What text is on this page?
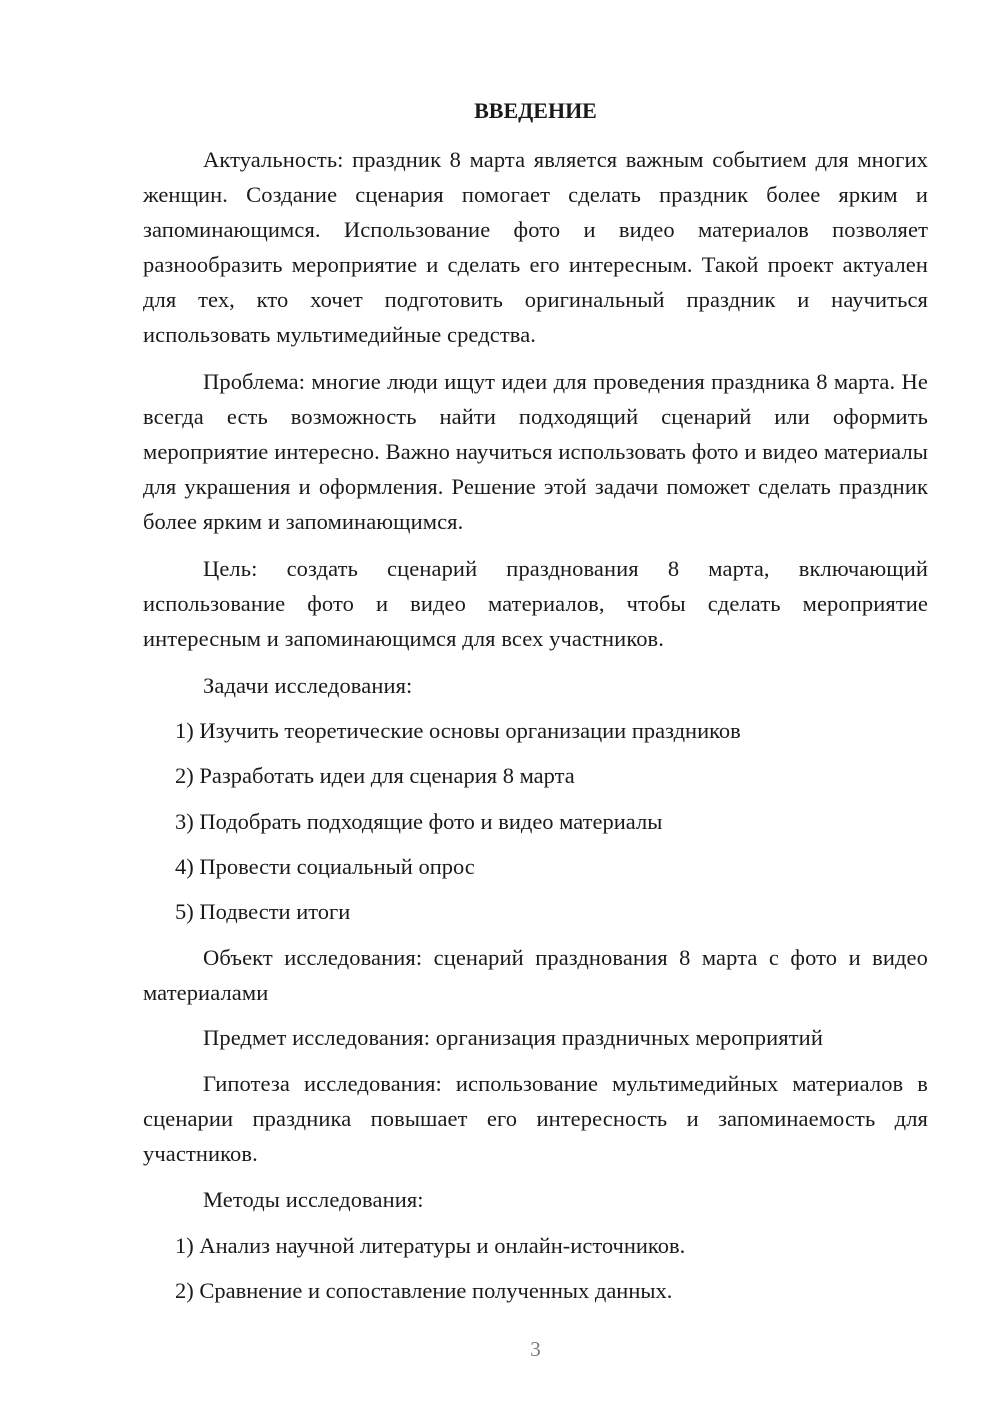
ВВЕДЕНИЕ

Актуальность: праздник 8 марта является важным событием для многих женщин. Создание сценария помогает сделать праздник более ярким и запоминающимся. Использование фото и видео материалов позволяет разнообразить мероприятие и сделать его интересным. Такой проект актуален для тех, кто хочет подготовить оригинальный праздник и научиться использовать мультимедийные средства.

Проблема: многие люди ищут идеи для проведения праздника 8 марта. Не всегда есть возможность найти подходящий сценарий или оформить мероприятие интересно. Важно научиться использовать фото и видео материалы для украшения и оформления. Решение этой задачи поможет сделать праздник более ярким и запоминающимся.

Цель: создать сценарий празднования 8 марта, включающий использование фото и видео материалов, чтобы сделать мероприятие интересным и запоминающимся для всех участников.

Задачи исследования:

1) Изучить теоретические основы организации праздников

2) Разработать идеи для сценария 8 марта

3) Подобрать подходящие фото и видео материалы

4) Провести социальный опрос

5) Подвести итоги

Объект исследования: сценарий празднования 8 марта с фото и видео материалами

Предмет исследования: организация праздничных мероприятий

Гипотеза исследования: использование мультимедийных материалов в сценарии праздника повышает его интересность и запоминаемость для участников.

Методы исследования:

1) Анализ научной литературы и онлайн-источников.

2) Сравнение и сопоставление полученных данных.

3
